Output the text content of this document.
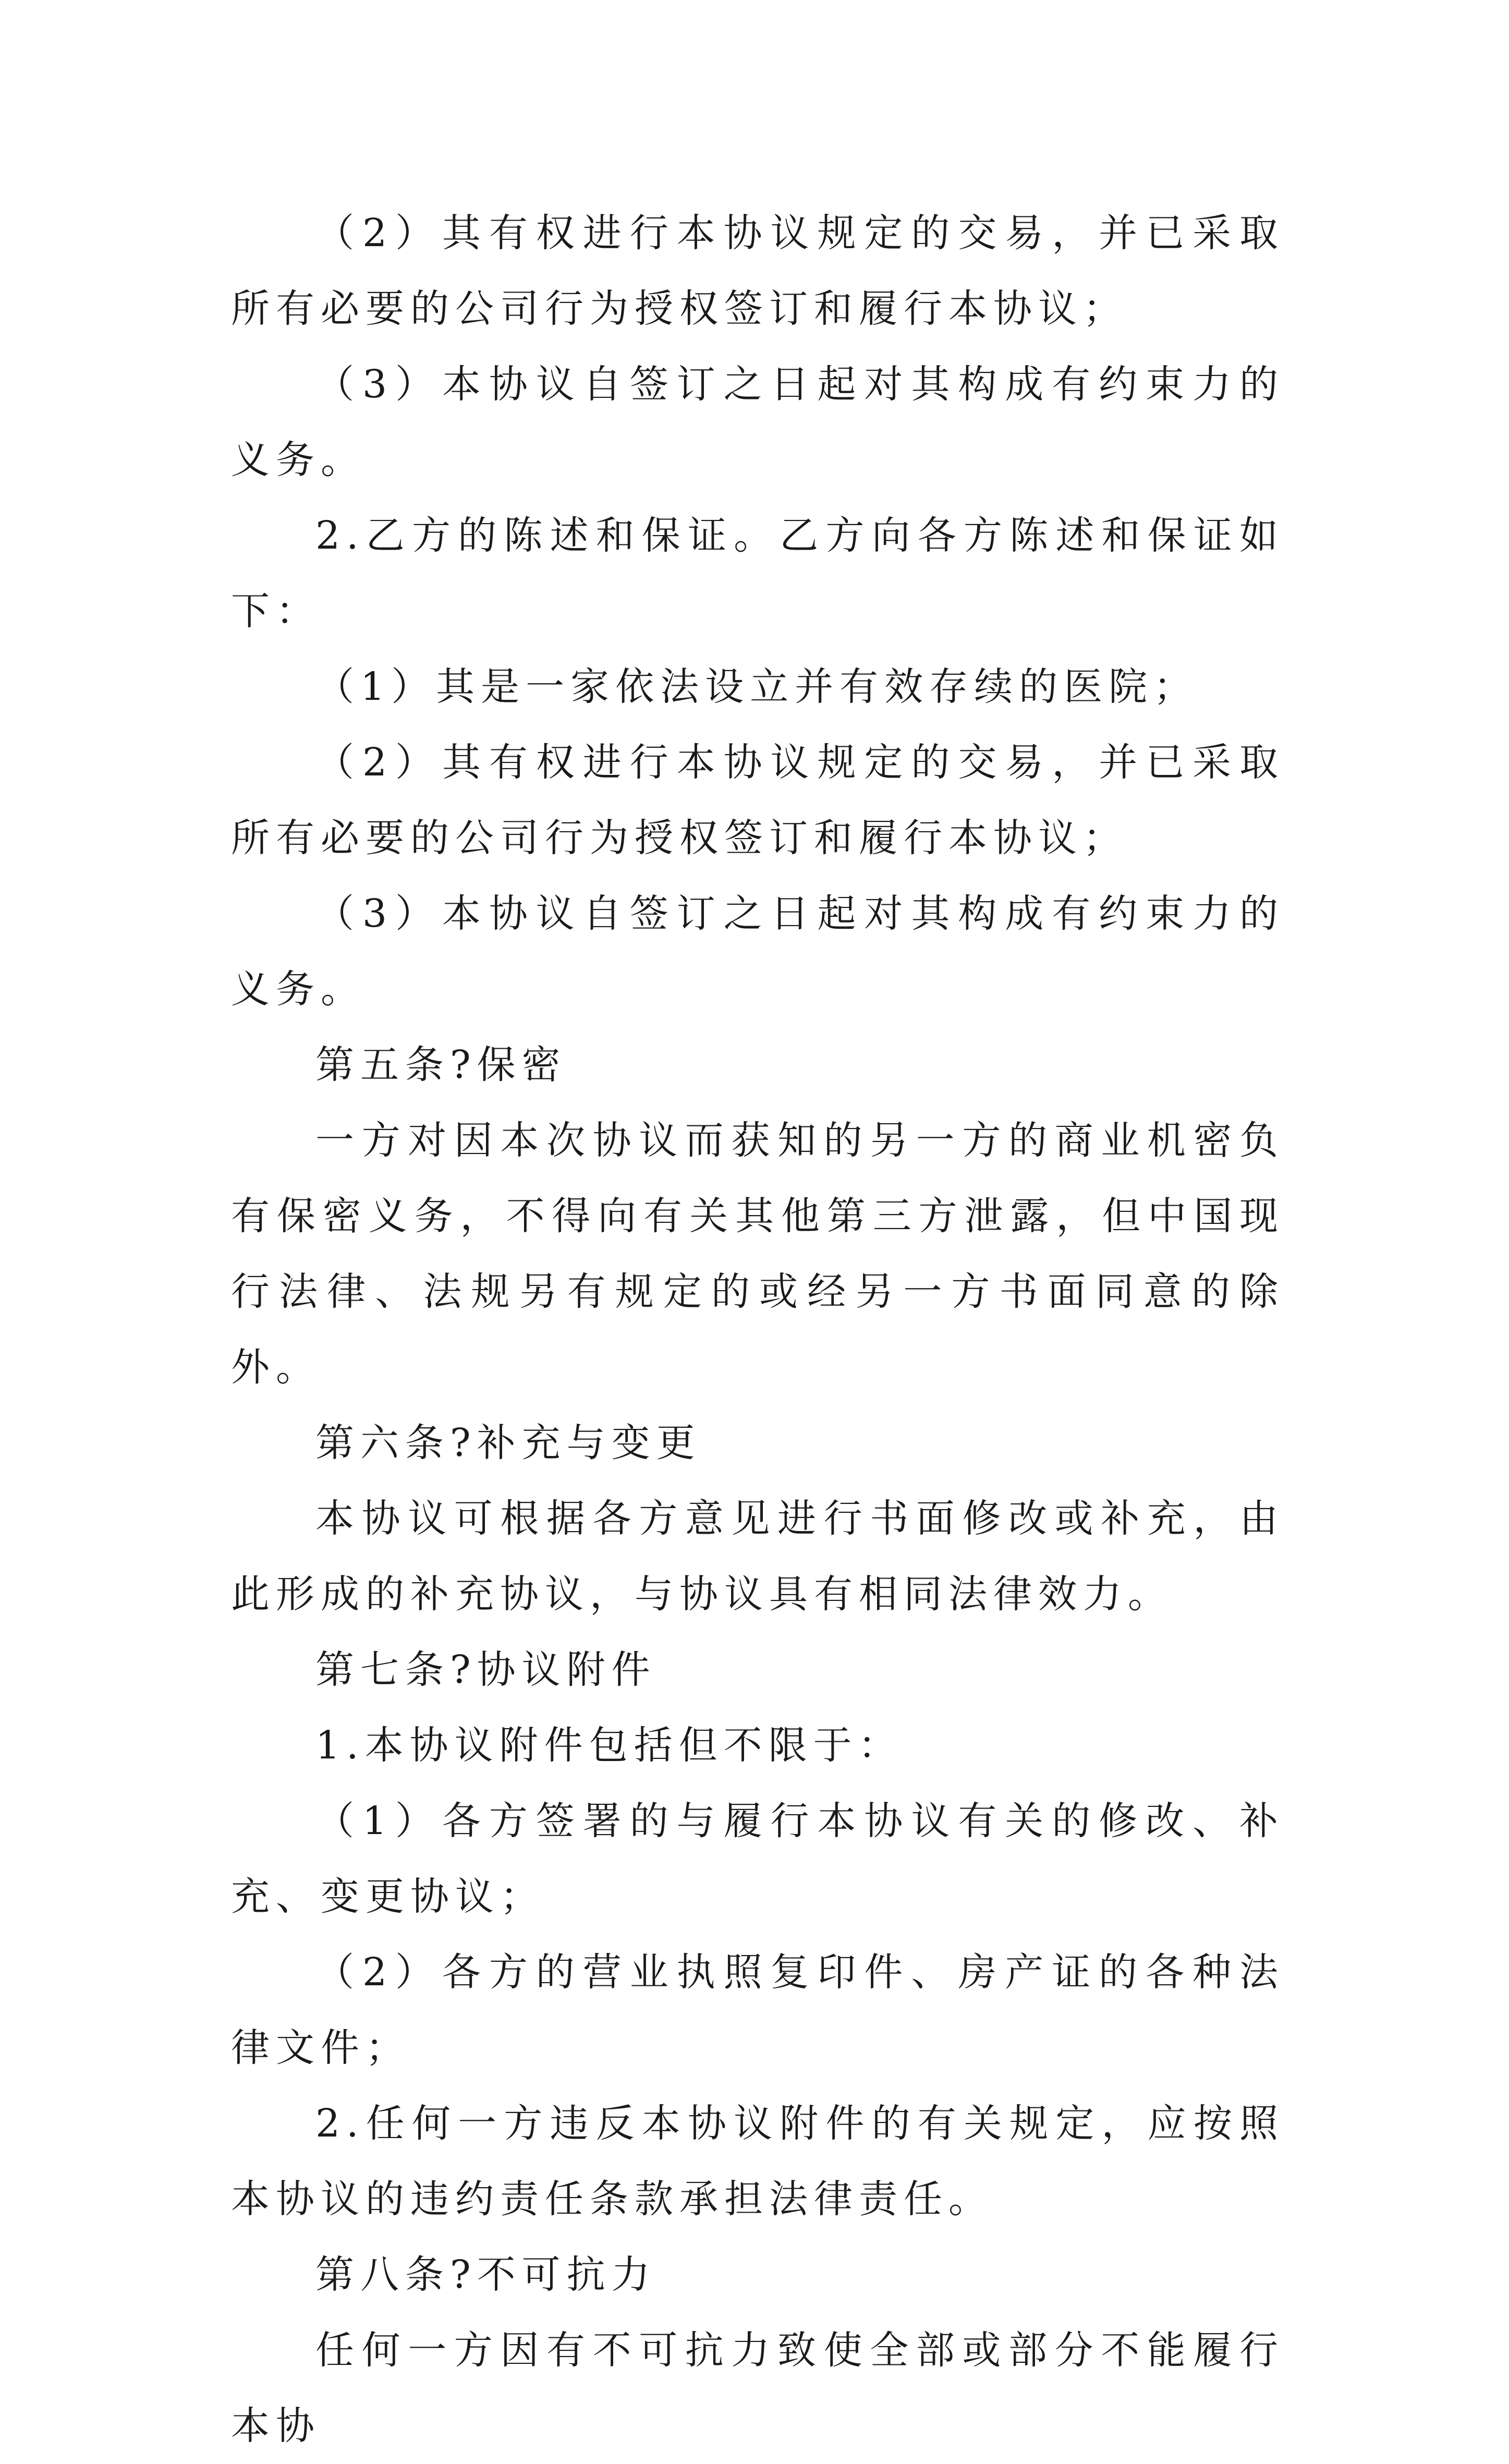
（2）其有权进行本协议规定的交易，并已采取所有必要的公司行为授权签订和履行本协议；

（3）本协议自签订之日起对其构成有约束力的义务。

2.乙方的陈述和保证。乙方向各方陈述和保证如下：

（1）其是一家依法设立并有效存续的医院；

（2）其有权进行本协议规定的交易，并已采取所有必要的公司行为授权签订和履行本协议；

（3）本协议自签订之日起对其构成有约束力的义务。

第五条?保密

一方对因本次协议而获知的另一方的商业机密负有保密义务，不得向有关其他第三方泄露，但中国现行法律、法规另有规定的或经另一方书面同意的除外。

第六条?补充与变更

本协议可根据各方意见进行书面修改或补充，由此形成的补充协议，与协议具有相同法律效力。

第七条?协议附件

1.本协议附件包括但不限于：

（1）各方签署的与履行本协议有关的修改、补充、变更协议；

（2）各方的营业执照复印件、房产证的各种法律文件；

2.任何一方违反本协议附件的有关规定，应按照本协议的违约责任条款承担法律责任。

第八条?不可抗力

任何一方因有不可抗力致使全部或部分不能履行本协
